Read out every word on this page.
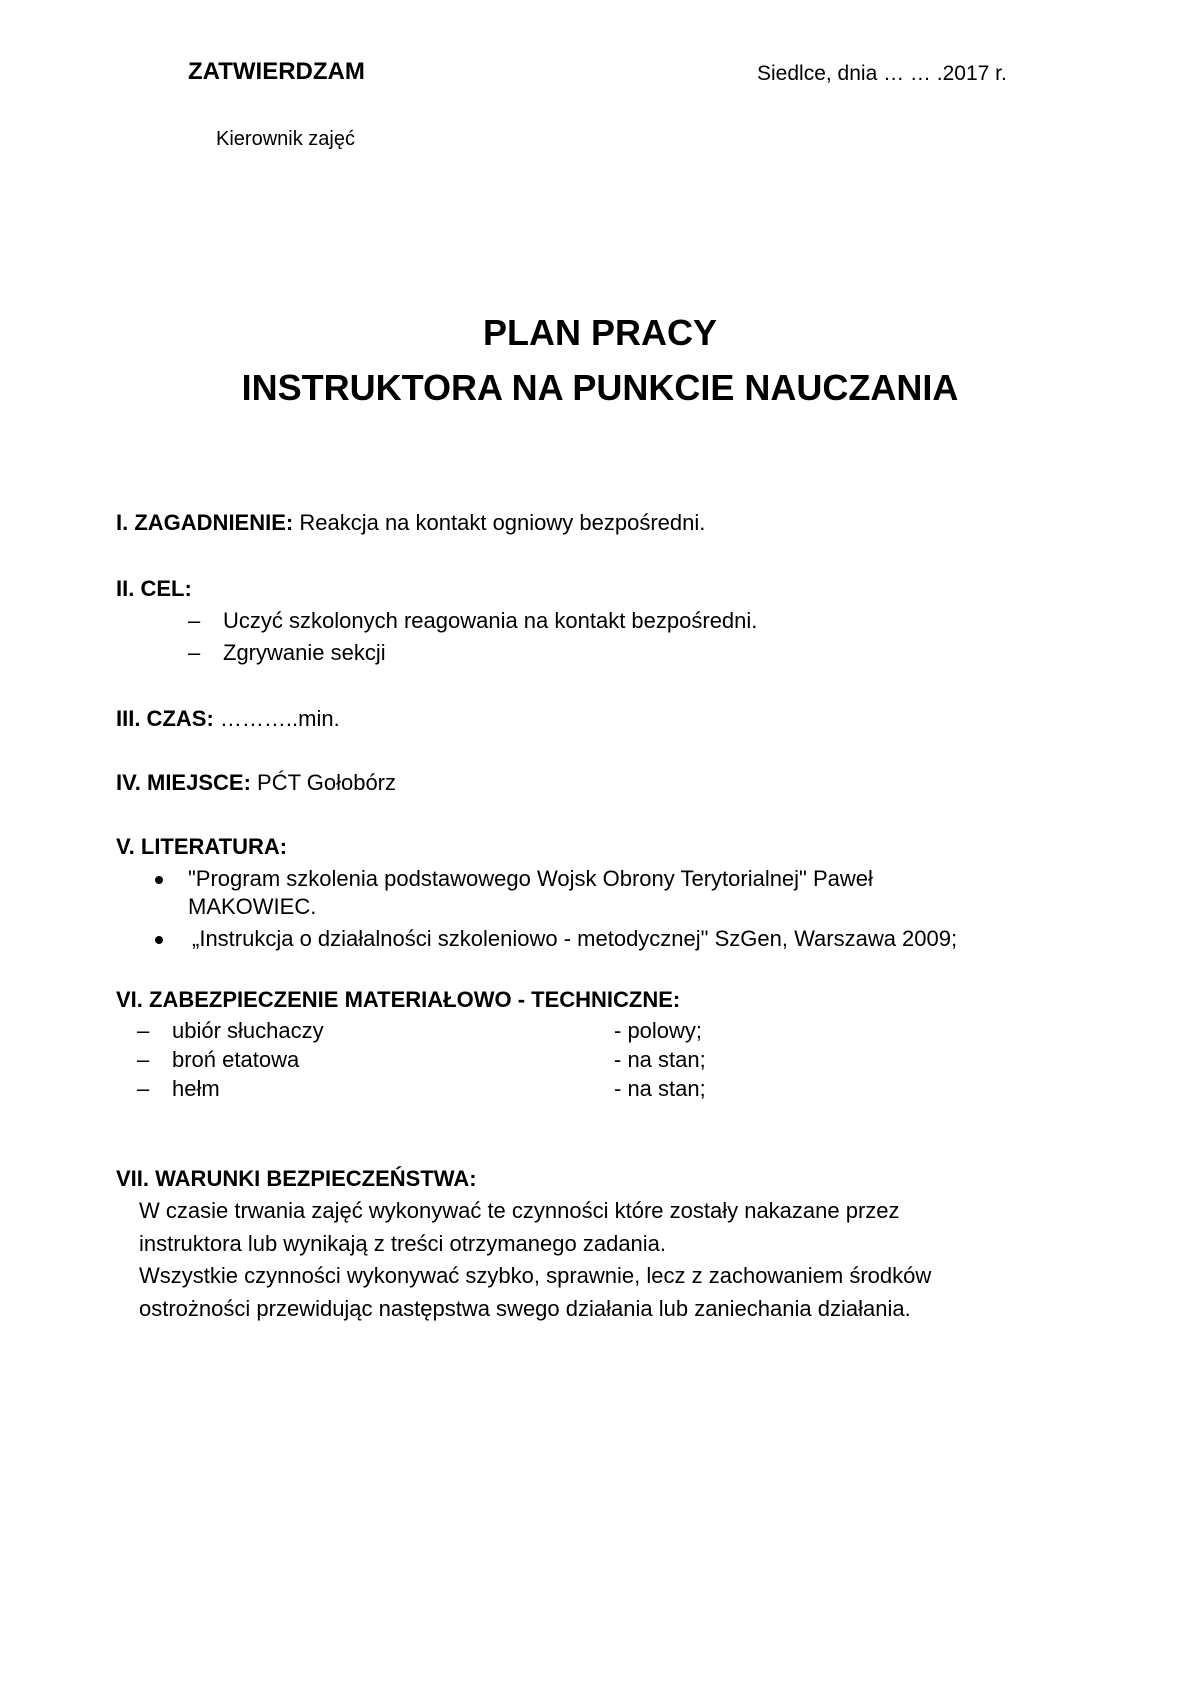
ZATWIERDZAM	Siedlce, dnia … … .2017 r.
Kierownik zajęć
PLAN PRACY
INSTRUKTORA NA PUNKCIE NAUCZANIA
I. ZAGADNIENIE: Reakcja na kontakt ogniowy bezpośredni.
II. CEL:
– Uczyć szkolonych reagowania na kontakt bezpośredni.
– Zgrywanie sekcji
III. CZAS: ………..min.
IV. MIEJSCE: PĆT Gołobórz
V. LITERATURA:
"Program szkolenia podstawowego Wojsk Obrony Terytorialnej" Paweł
MAKOWIEC.
„Instrukcja o działalności szkoleniowo - metodycznej" SzGen, Warszawa 2009;
VI. ZABEZPIECZENIE MATERIAŁOWO - TECHNICZNE:
– ubiór słuchaczy	- polowy;
– broń etatowa	- na stan;
– hełm	- na stan;
VII. WARUNKI BEZPIECZEŃSTWA:
W czasie trwania zajęć wykonywać te czynności które zostały nakazane przez
instruktora lub wynikają z treści otrzymanego zadania.
Wszystkie czynności wykonywać szybko, sprawnie, lecz z zachowaniem środków
ostrożności przewidując następstwa swego działania lub zaniechania działania.
